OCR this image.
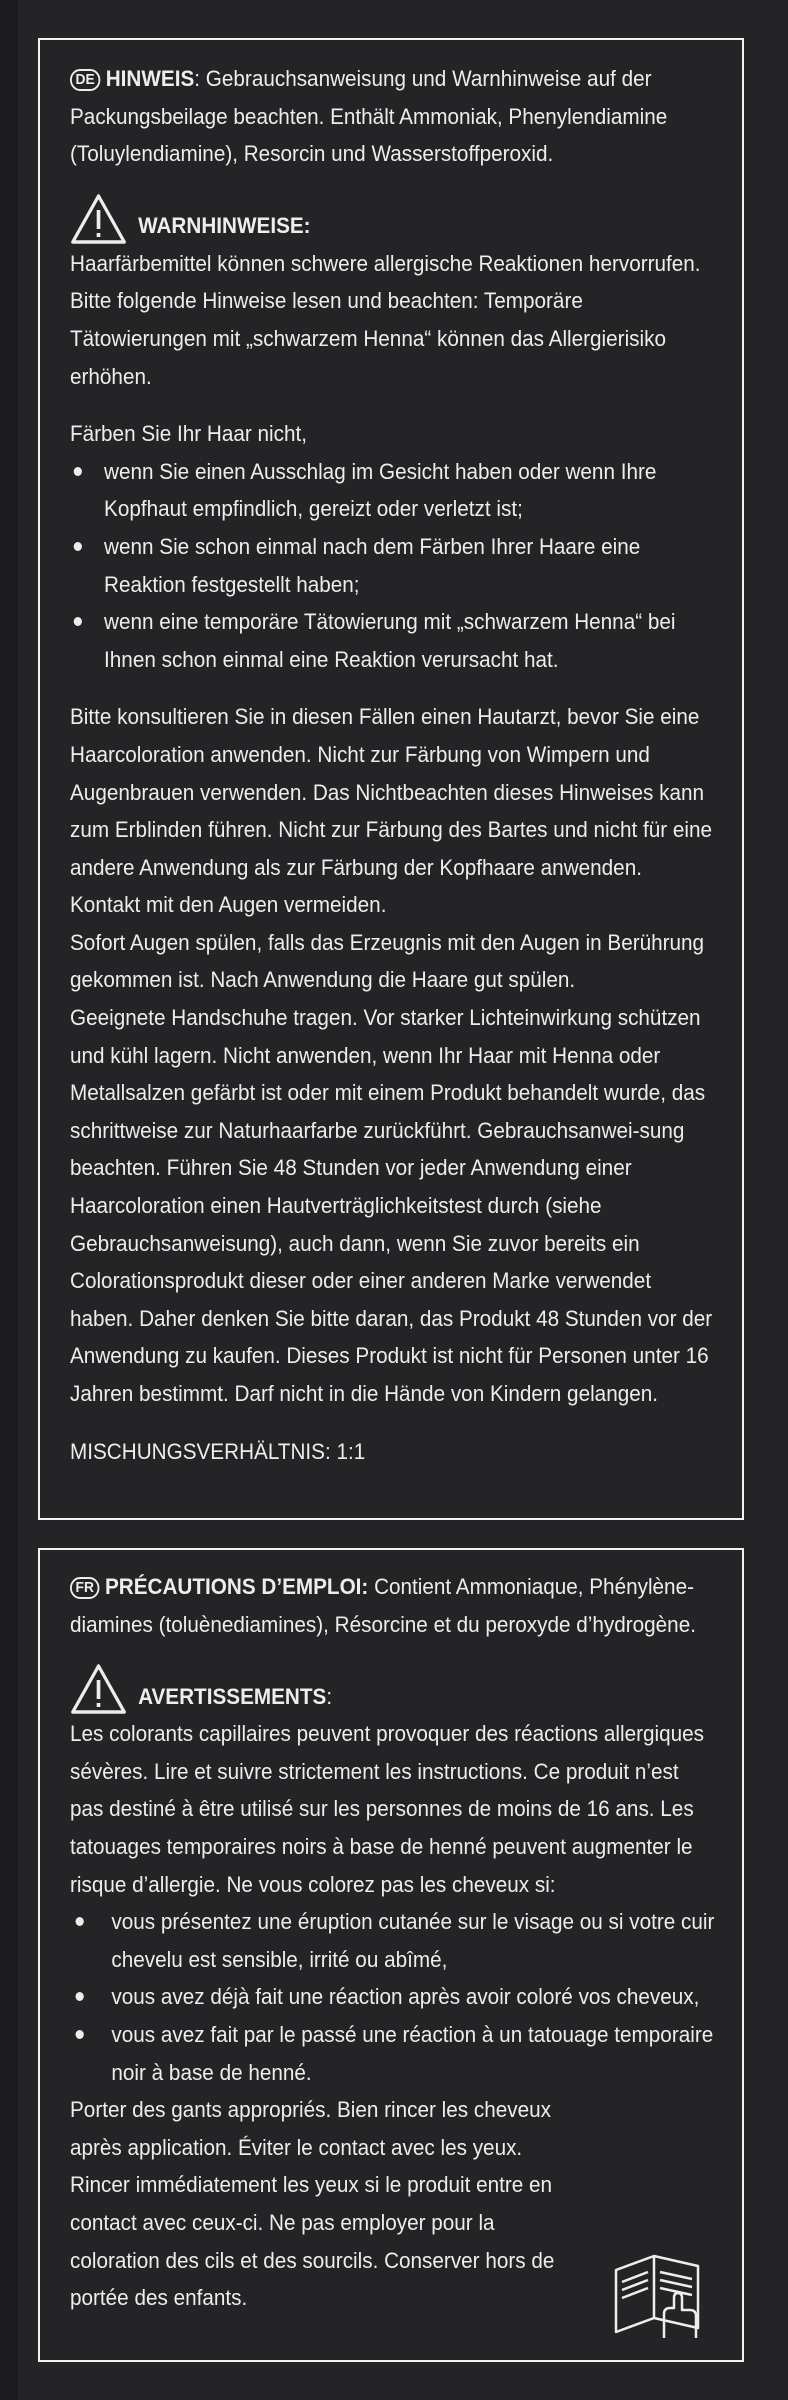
DE HINWEIS: Gebrauchsanweisung und Warnhinweise auf der Packungsbeilage beachten. Enthält Ammoniak, Phenylendiamine (Toluylendiamine), Resorcin und Wasserstoffperoxid.

WARNHINWEISE:

Haarfärbemittel können schwere allergische Reaktionen hervorrufen. Bitte folgende Hinweise lesen und beachten: Temporäre Tätowierungen mit „schwarzem Henna“ können das Allergierisiko erhöhen.

Färben Sie Ihr Haar nicht,

wenn Sie einen Ausschlag im Gesicht haben oder wenn Ihre Kopfhaut empfindlich, gereizt oder verletzt ist;
wenn Sie schon einmal nach dem Färben Ihrer Haare eine Reaktion festgestellt haben;
wenn eine temporäre Tätowierung mit „schwarzem Henna“ bei Ihnen schon einmal eine Reaktion verursacht hat.

Bitte konsultieren Sie in diesen Fällen einen Hautarzt, bevor Sie eine Haarcoloration anwenden. Nicht zur Färbung von Wimpern und Augenbrauen verwenden. Das Nichtbeachten dieses Hinweises kann zum Erblinden führen. Nicht zur Färbung des Bartes und nicht für eine andere Anwendung als zur Färbung der Kopfhaare anwenden. Kontakt mit den Augen vermeiden.

Sofort Augen spülen, falls das Erzeugnis mit den Augen in Berührung gekommen ist. Nach Anwendung die Haare gut spülen.

Geeignete Handschuhe tragen. Vor starker Lichteinwirkung schützen und kühl lagern. Nicht anwenden, wenn Ihr Haar mit Henna oder Metallsalzen gefärbt ist oder mit einem Produkt behandelt wurde, das schrittweise zur Naturhaarfarbe zurückführt. Gebrauchsanwei-sung beachten. Führen Sie 48 Stunden vor jeder Anwendung einer Haarcoloration einen Hautverträglichkeitstest durch (siehe Gebrauchsanweisung), auch dann, wenn Sie zuvor bereits ein Colorationsprodukt dieser oder einer anderen Marke verwendet haben. Daher denken Sie bitte daran, das Produkt 48 Stunden vor der Anwendung zu kaufen. Dieses Produkt ist nicht für Personen unter 16 Jahren bestimmt. Darf nicht in die Hände von Kindern gelangen.

MISCHUNGSVERHÄLTNIS: 1:1

FR PRÉCAUTIONS D’EMPLOI: Contient Ammoniaque, Phénylène-diamines (toluènediamines), Résorcine et du peroxyde d’hydrogène.

AVERTISSEMENTS:

Les colorants capillaires peuvent provoquer des réactions allergiques sévères. Lire et suivre strictement les instructions. Ce produit n’est pas destiné à être utilisé sur les personnes de moins de 16 ans. Les tatouages temporaires noirs à base de henné peuvent augmenter le risque d’allergie. Ne vous colorez pas les cheveux si:

vous présentez une éruption cutanée sur le visage ou si votre cuir chevelu est sensible, irrité ou abîmé,
vous avez déjà fait une réaction après avoir coloré vos cheveux,
vous avez fait par le passé une réaction à un tatouage temporaire noir à base de henné.

Porter des gants appropriés. Bien rincer les cheveux après application. Éviter le contact avec les yeux. Rincer immédiatement les yeux si le produit entre en contact avec ceux-ci. Ne pas employer pour la coloration des cils et des sourcils. Conserver hors de portée des enfants.
